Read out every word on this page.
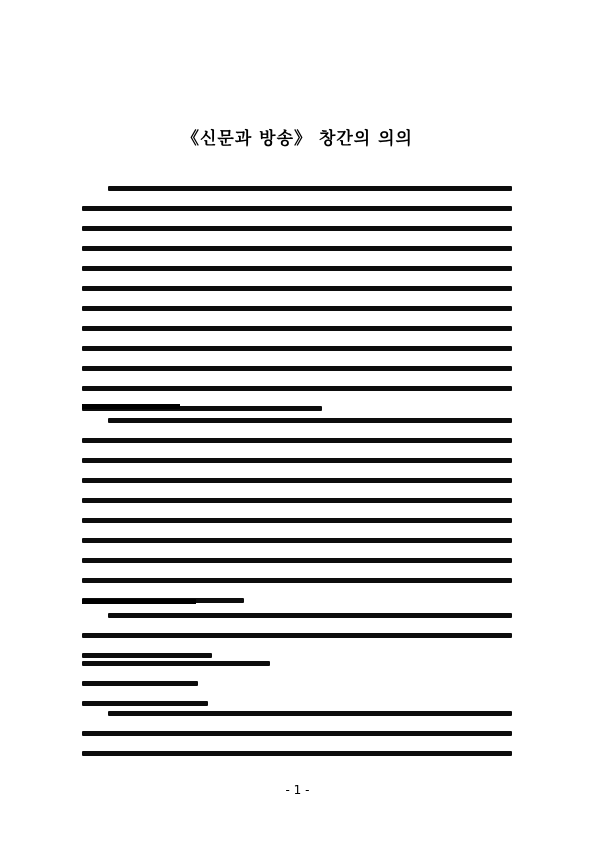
《신문과 방송》 창간의 의의
- 1 -
